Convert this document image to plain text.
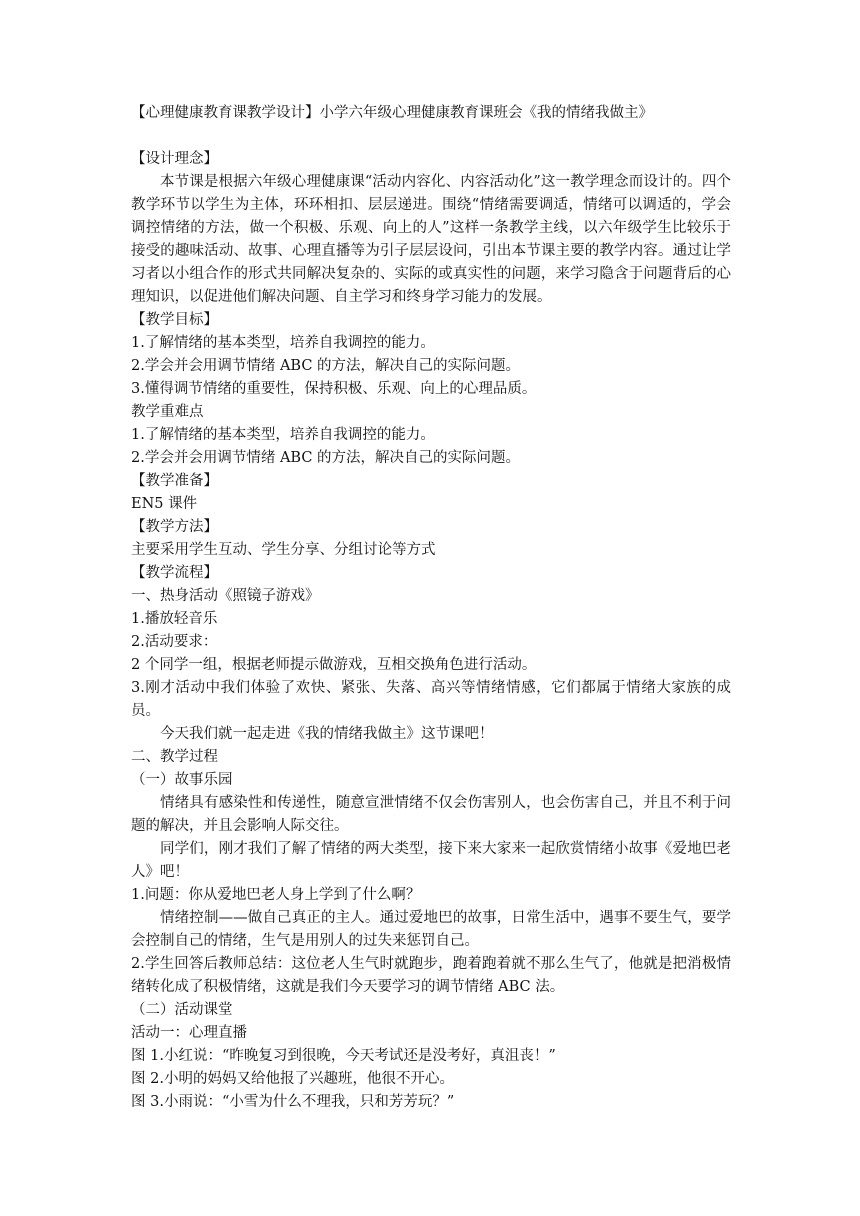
【心理健康教育课教学设计】小学六年级心理健康教育课班会《我的情绪我做主》
【设计理念】
本节课是根据六年级心理健康课“活动内容化、内容活动化”这一教学理念而设计的。四个教学环节以学生为主体，环环相扣、层层递进。围绕“情绪需要调适，情绪可以调适的，学会调控情绪的方法，做一个积极、乐观、向上的人”这样一条教学主线，以六年级学生比较乐于接受的趣味活动、故事、心理直播等为引子层层设问，引出本节课主要的教学内容。通过让学习者以小组合作的形式共同解决复杂的、实际的或真实性的问题，来学习隐含于问题背后的心理知识，以促进他们解决问题、自主学习和终身学习能力的发展。
【教学目标】
1.了解情绪的基本类型，培养自我调控的能力。
2.学会并会用调节情绪 ABC 的方法，解决自己的实际问题。
3.懂得调节情绪的重要性，保持积极、乐观、向上的心理品质。
教学重难点
1.了解情绪的基本类型，培养自我调控的能力。
2.学会并会用调节情绪 ABC 的方法，解决自己的实际问题。
【教学准备】
EN5 课件
【教学方法】
主要采用学生互动、学生分享、分组讨论等方式
【教学流程】
一、热身活动《照镜子游戏》
1.播放轻音乐
2.活动要求：
2 个同学一组，根据老师提示做游戏，互相交换角色进行活动。
3.刚才活动中我们体验了欢快、紧张、失落、高兴等情绪情感，它们都属于情绪大家族的成员。
今天我们就一起走进《我的情绪我做主》这节课吧！
二、教学过程
（一）故事乐园
情绪具有感染性和传递性，随意宣泄情绪不仅会伤害别人，也会伤害自己，并且不利于问题的解决，并且会影响人际交往。
同学们，刚才我们了解了情绪的两大类型，接下来大家来一起欣赏情绪小故事《爱地巴老人》吧！
1.问题：你从爱地巴老人身上学到了什么啊？
情绪控制——做自己真正的主人。通过爱地巴的故事，日常生活中，遇事不要生气，要学会控制自己的情绪，生气是用别人的过失来惩罚自己。
2.学生回答后教师总结：这位老人生气时就跑步，跑着跑着就不那么生气了，他就是把消极情绪转化成了积极情绪，这就是我们今天要学习的调节情绪 ABC 法。
（二）活动课堂
活动一：心理直播
图 1.小红说：“昨晚复习到很晚，今天考试还是没考好，真沮丧！”
图 2.小明的妈妈又给他报了兴趣班，他很不开心。
图 3.小雨说：“小雪为什么不理我，只和芳芳玩？”
